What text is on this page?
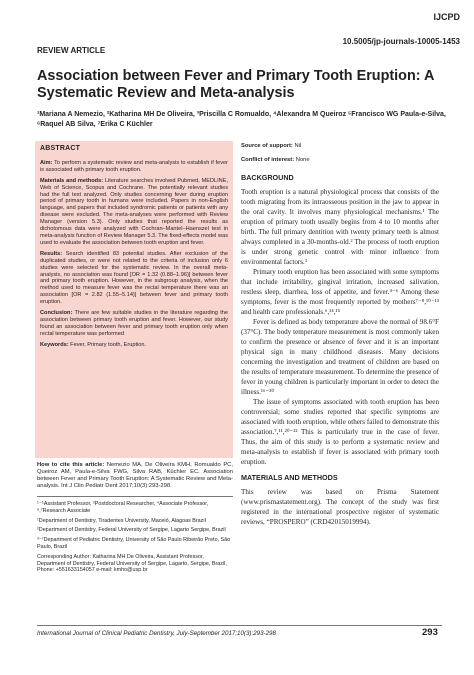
IJCPD
10.5005/jp-journals-10005-1453
REVIEW ARTICLE
Association between Fever and Primary Tooth Eruption: A Systematic Review and Meta-analysis
¹Mariana A Nemezio, ²Katharina MH De Oliveira, ³Priscilla C Romualdo, ⁴Alexandra M Queiroz ⁵Francisco WG Paula-e-Silva, ⁶Raquel AB Silva, ⁷Erika C Küchler
ABSTRACT

Aim: To perform a systematic review and meta-analysis to establish if fever is associated with primary tooth eruption.

Materials and methods: Literature searches involved Pubmed, MEDLINE, Web of Science, Scopus and Cochrane. The potentially relevant studies had the full text analyzed. Only studies concerning fever during eruption period of primary tooth in humans were included. Papers in non-English language, and papers that included syndromic patients or patients with any disease were excluded. The meta-analyses were performed with Review Manager (version 5.3). Only studies that reported the results as dichotomous data were analyzed with Cochran–Mantel–Haenszel test in meta-analysis function of Review Manager 5.3. The fixed-effects model was used to evaluate the association between tooth eruption and fever.

Results: Search identified 83 potential studies. After exclusion of the duplicated studies, or were not related to the criteria of inclusion only 6 studies were selected for the systematic review. In the overall meta-analysis, no association was found [OR = 1.32 (0.88–1.96)] between fever and primary tooth eruption. However, in the subgroup analysis, when the method used to measure fever was the rectal temperature there was an association [OR = 2.82 (1.55–5.14)] between fever and primary tooth eruption.

Conclusion: There are few suitable studies in the literature regarding the association between primary tooth eruption and fever. However, our study found an association between fever and primary tooth eruption only when rectal temperature was performed

Keywords: Fever, Primary tooth, Eruption.

How to cite this article: Nemezio MA, De Oliveira KMH, Romualdo PC, Queiroz AM, Paula-e-Silva FWG, Silva RAB, Küchler EC. Association between Fever and Primary Tooth Eruption: A Systematic Review and Meta-analysis. Int J Clin Pediatr Dent 2017;10(3):293-298.

¹⁻⁵Assistant Professor, ²Postdoctoral Researcher, ⁴Associate Professor, ⁶,⁷Research Associate

¹Department of Dentistry, Tiradentes University, Maceió, Alagoas Brazil

²Department of Dentistry, Federal University of Sergipe, Lagarto Sergipe, Brazil

³⁻⁷Department of Pediatric Dentistry, University of São Paulo Ribeirão Preto, São Paulo, Brazil

Corresponding Author: Katharina MH De Oliveira, Assistant Professor, Department of Dentistry, Federal University of Sergipe, Lagarto, Sergipe, Brazil, Phone: +551633154057 e-mail: kmho@usp.br

Source of support: Nil
Conflict of interest: None
BACKGROUND

Tooth eruption is a natural physiological process that consists of the tooth migrating from its intraosseous position in the jaw to appear in the oral cavity. It involves many physiological mechanisms.¹ The eruption of primary tooth usually begins from 4 to 10 months after birth. The full primary dentition with twenty primary teeth is almost always completed in a 30-months-old.² The process of tooth eruption is under strong genetic control with minor influence from environmental factors.³

Primary tooth eruption has been associated with some symptoms that include irritability, gingival irritation, increased salivation, restless sleep, diarrhea, loss of appetite, and fever.⁴⁻⁶ Among these symptoms, fever is the most frequently reported by mothers⁷⁻⁸,¹⁰⁻¹³ and health care professionals.⁶,¹⁴,¹⁵

Fever is defined as body temperature above the normal of 98.6°F (37°C). The body temperature measurement is most commonly taken to confirm the presence or absence of fever and it is an important physical sign in many childhood diseases. Many decisions concerning the investigation and treatment of children are based on the results of temperature measurement. To determine the presence of fever in young children is particularly important in order to detect the illness.¹⁶⁻²⁰

The issue of symptoms associated with tooth eruption has been controversial; some studies reported that specific symptoms are associated with tooth eruption, while others failed to demonstrate this association.⁷,¹¹,²⁰⁻²² This is particularly true in the case of fever. Thus, the aim of this study is to perform a systematic review and meta-analysis to establish if fever is associated with primary tooth eruption.

MATERIALS AND METHODS

This review was based on Prisma Statement (www.prismastatement.org). The concept of the study was first registered in the international prospective register of systematic reviews, “PROSPERO” (CRD42015019994).

International Journal of Clinical Pediatric Dentistry, July-September 2017;10(3):293-298	293
